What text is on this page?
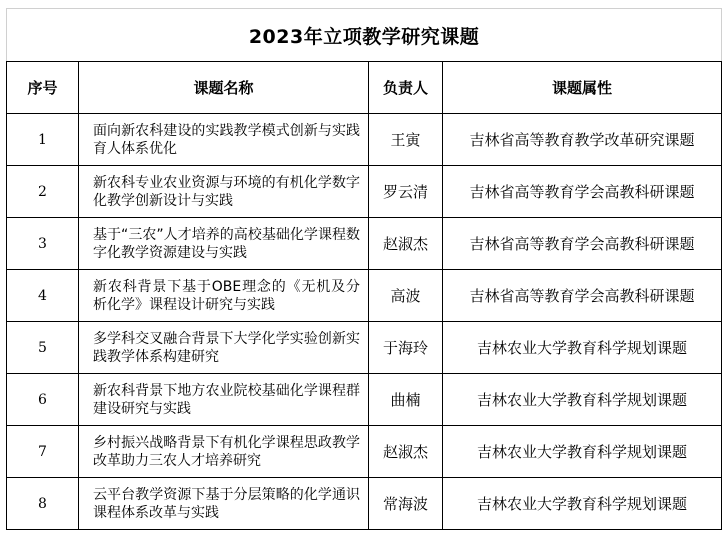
2023年立项教学研究课题			
序号	课题名称	负责人	课题属性
1	面向新农科建设的实践教学模式创新与实践育人体系优化	王寅	吉林省高等教育教学改革研究课题
2	新农科专业农业资源与环境的有机化学数字化教学创新设计与实践	罗云清	吉林省高等教育学会高教科研课题
3	基于“三农”人才培养的高校基础化学课程数字化教学资源建设与实践	赵淑杰	吉林省高等教育学会高教科研课题
4	新农科背景下基于OBE理念的《无机及分析化学》课程设计研究与实践	高波	吉林省高等教育学会高教科研课题
5	多学科交叉融合背景下大学化学实验创新实践教学体系构建研究	于海玲	吉林农业大学教育科学规划课题
6	新农科背景下地方农业院校基础化学课程群建设研究与实践	曲楠	吉林农业大学教育科学规划课题
7	乡村振兴战略背景下有机化学课程思政教学改革助力三农人才培养研究	赵淑杰	吉林农业大学教育科学规划课题
8	云平台教学资源下基于分层策略的化学通识课程体系改革与实践	常海波	吉林农业大学教育科学规划课题
